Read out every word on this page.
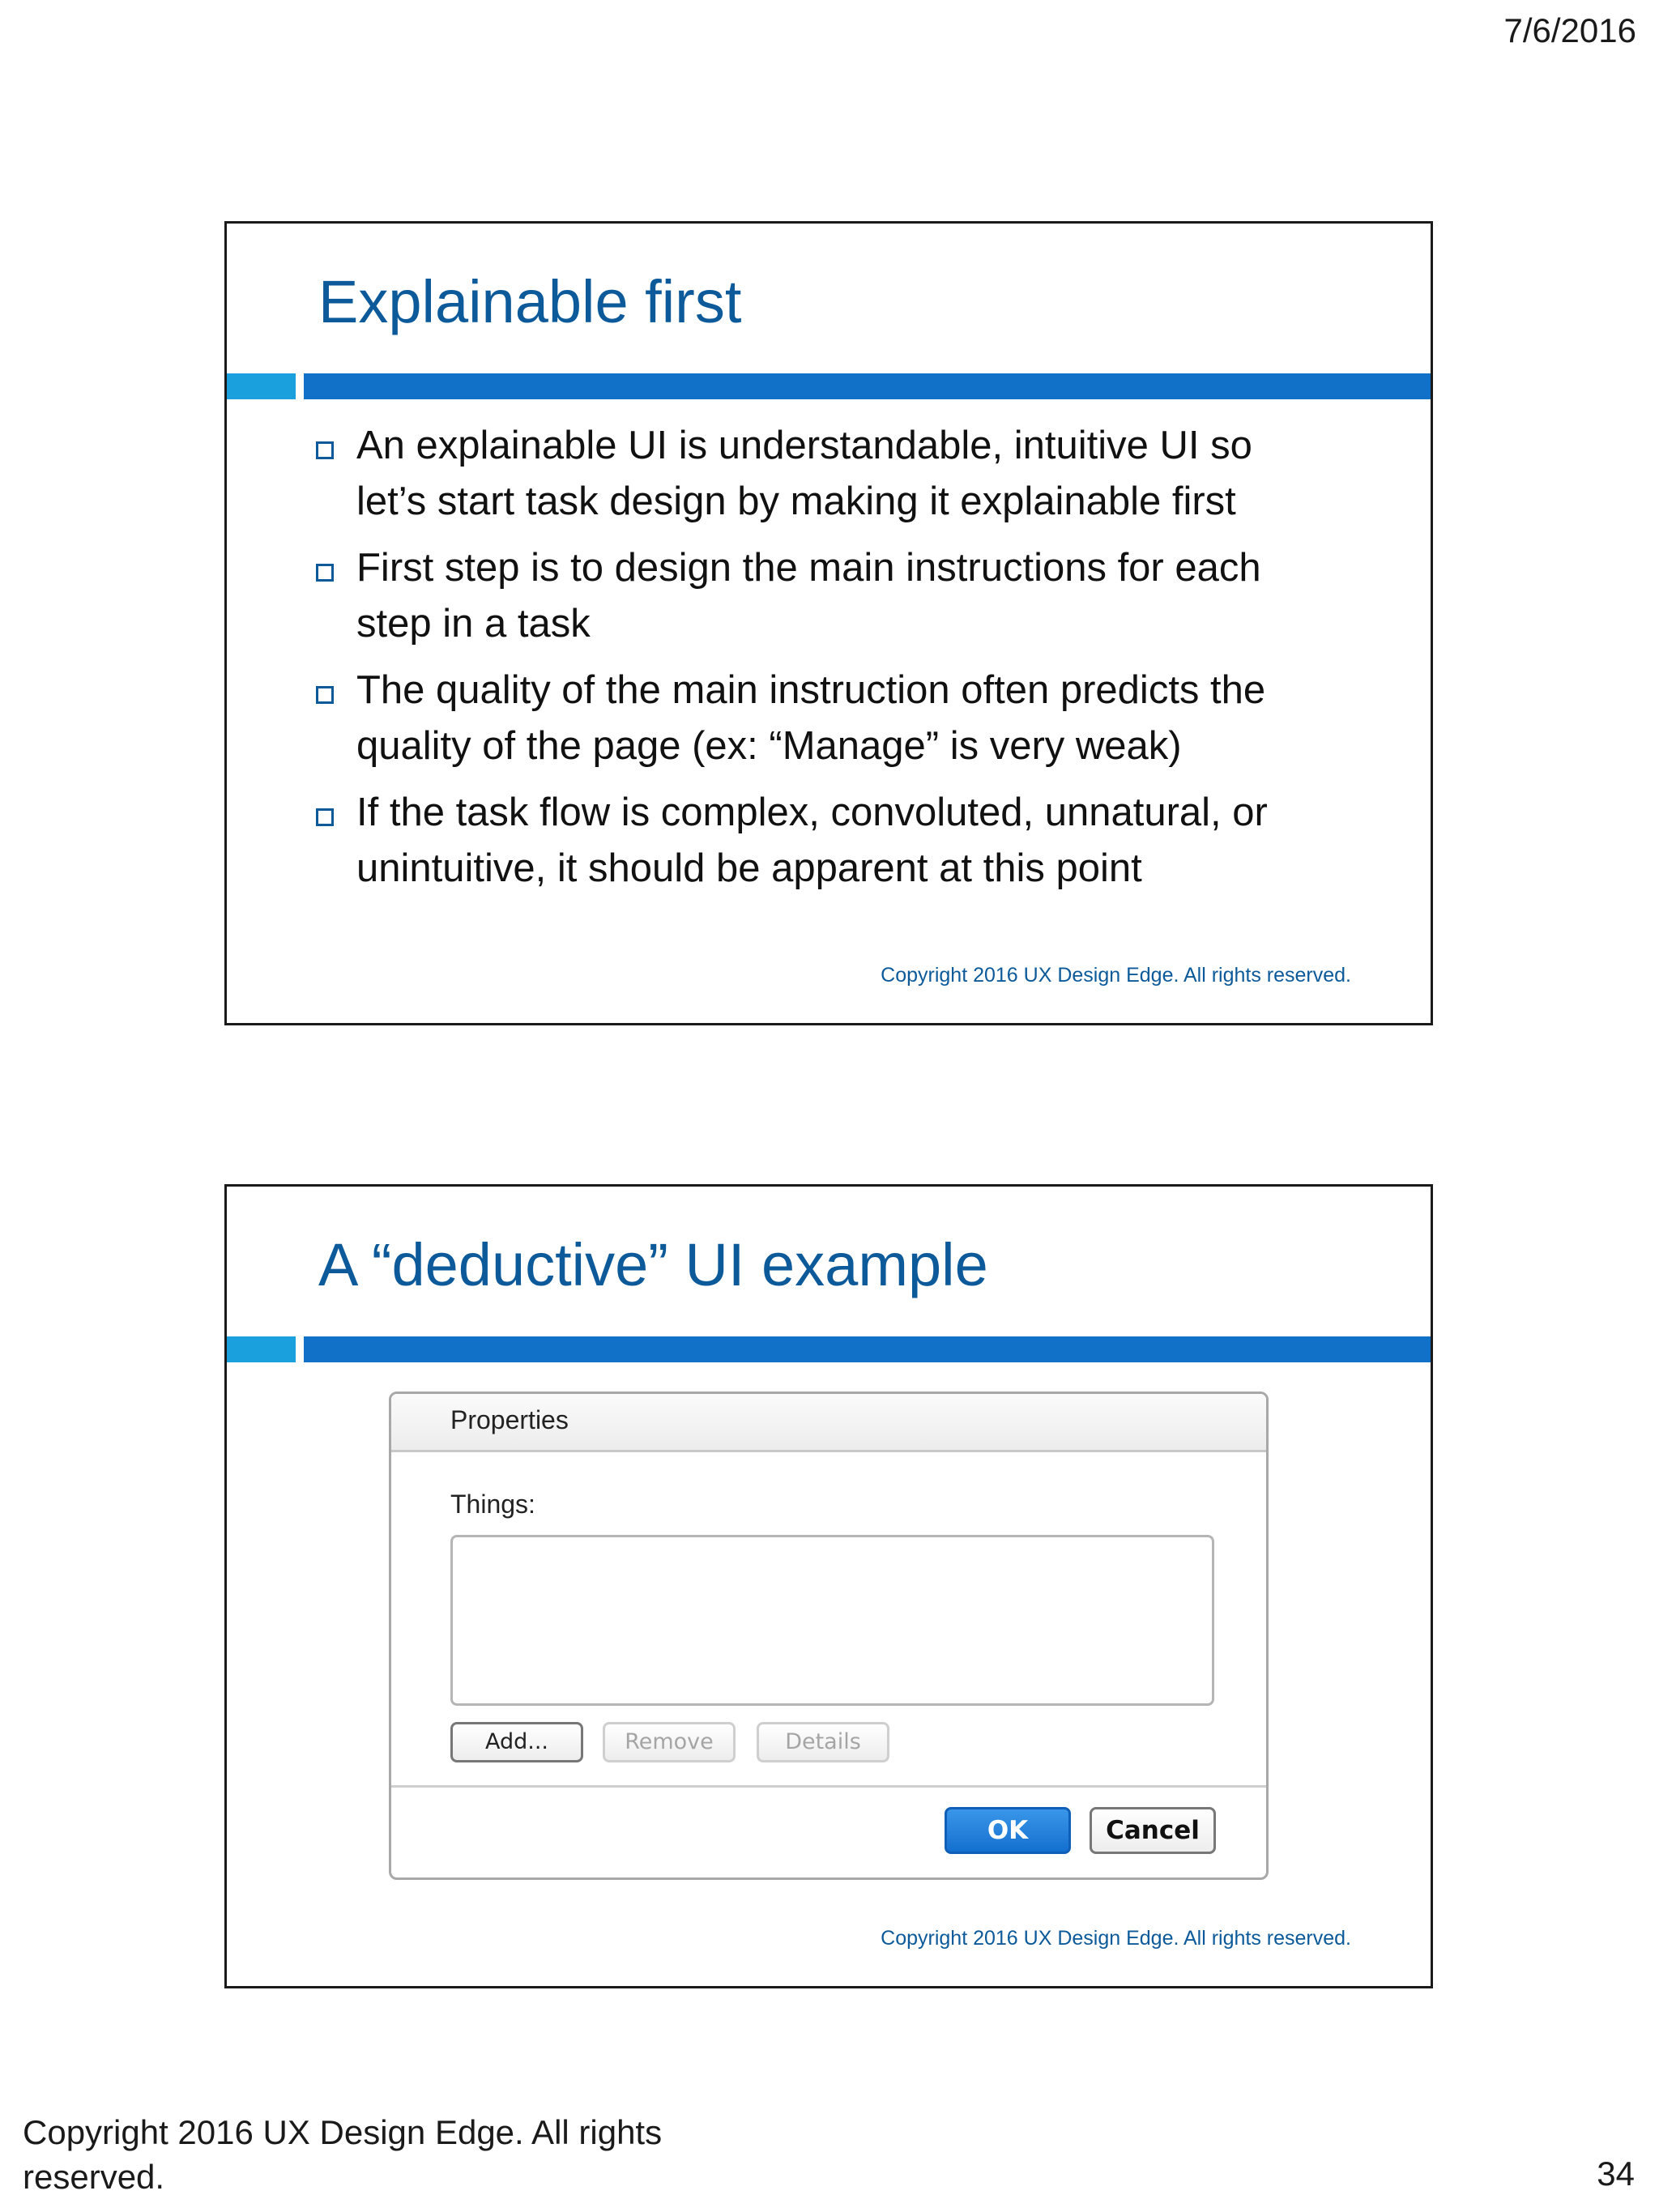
7/6/2016
Explainable first
An explainable UI is understandable, intuitive UI so
let’s start task design by making it explainable first
First step is to design the main instructions for each
step in a task
The quality of the main instruction often predicts the
quality of the page (ex: “Manage” is very weak)
If the task flow is complex, convoluted, unnatural, or
unintuitive, it should be apparent at this point
Copyright 2016 UX Design Edge. All rights reserved.
A “deductive” UI example
Properties
Things:
Add...	Remove	Details
OK	Cancel
Copyright 2016 UX Design Edge. All rights reserved.
Copyright 2016 UX Design Edge. All rights
reserved.	34
